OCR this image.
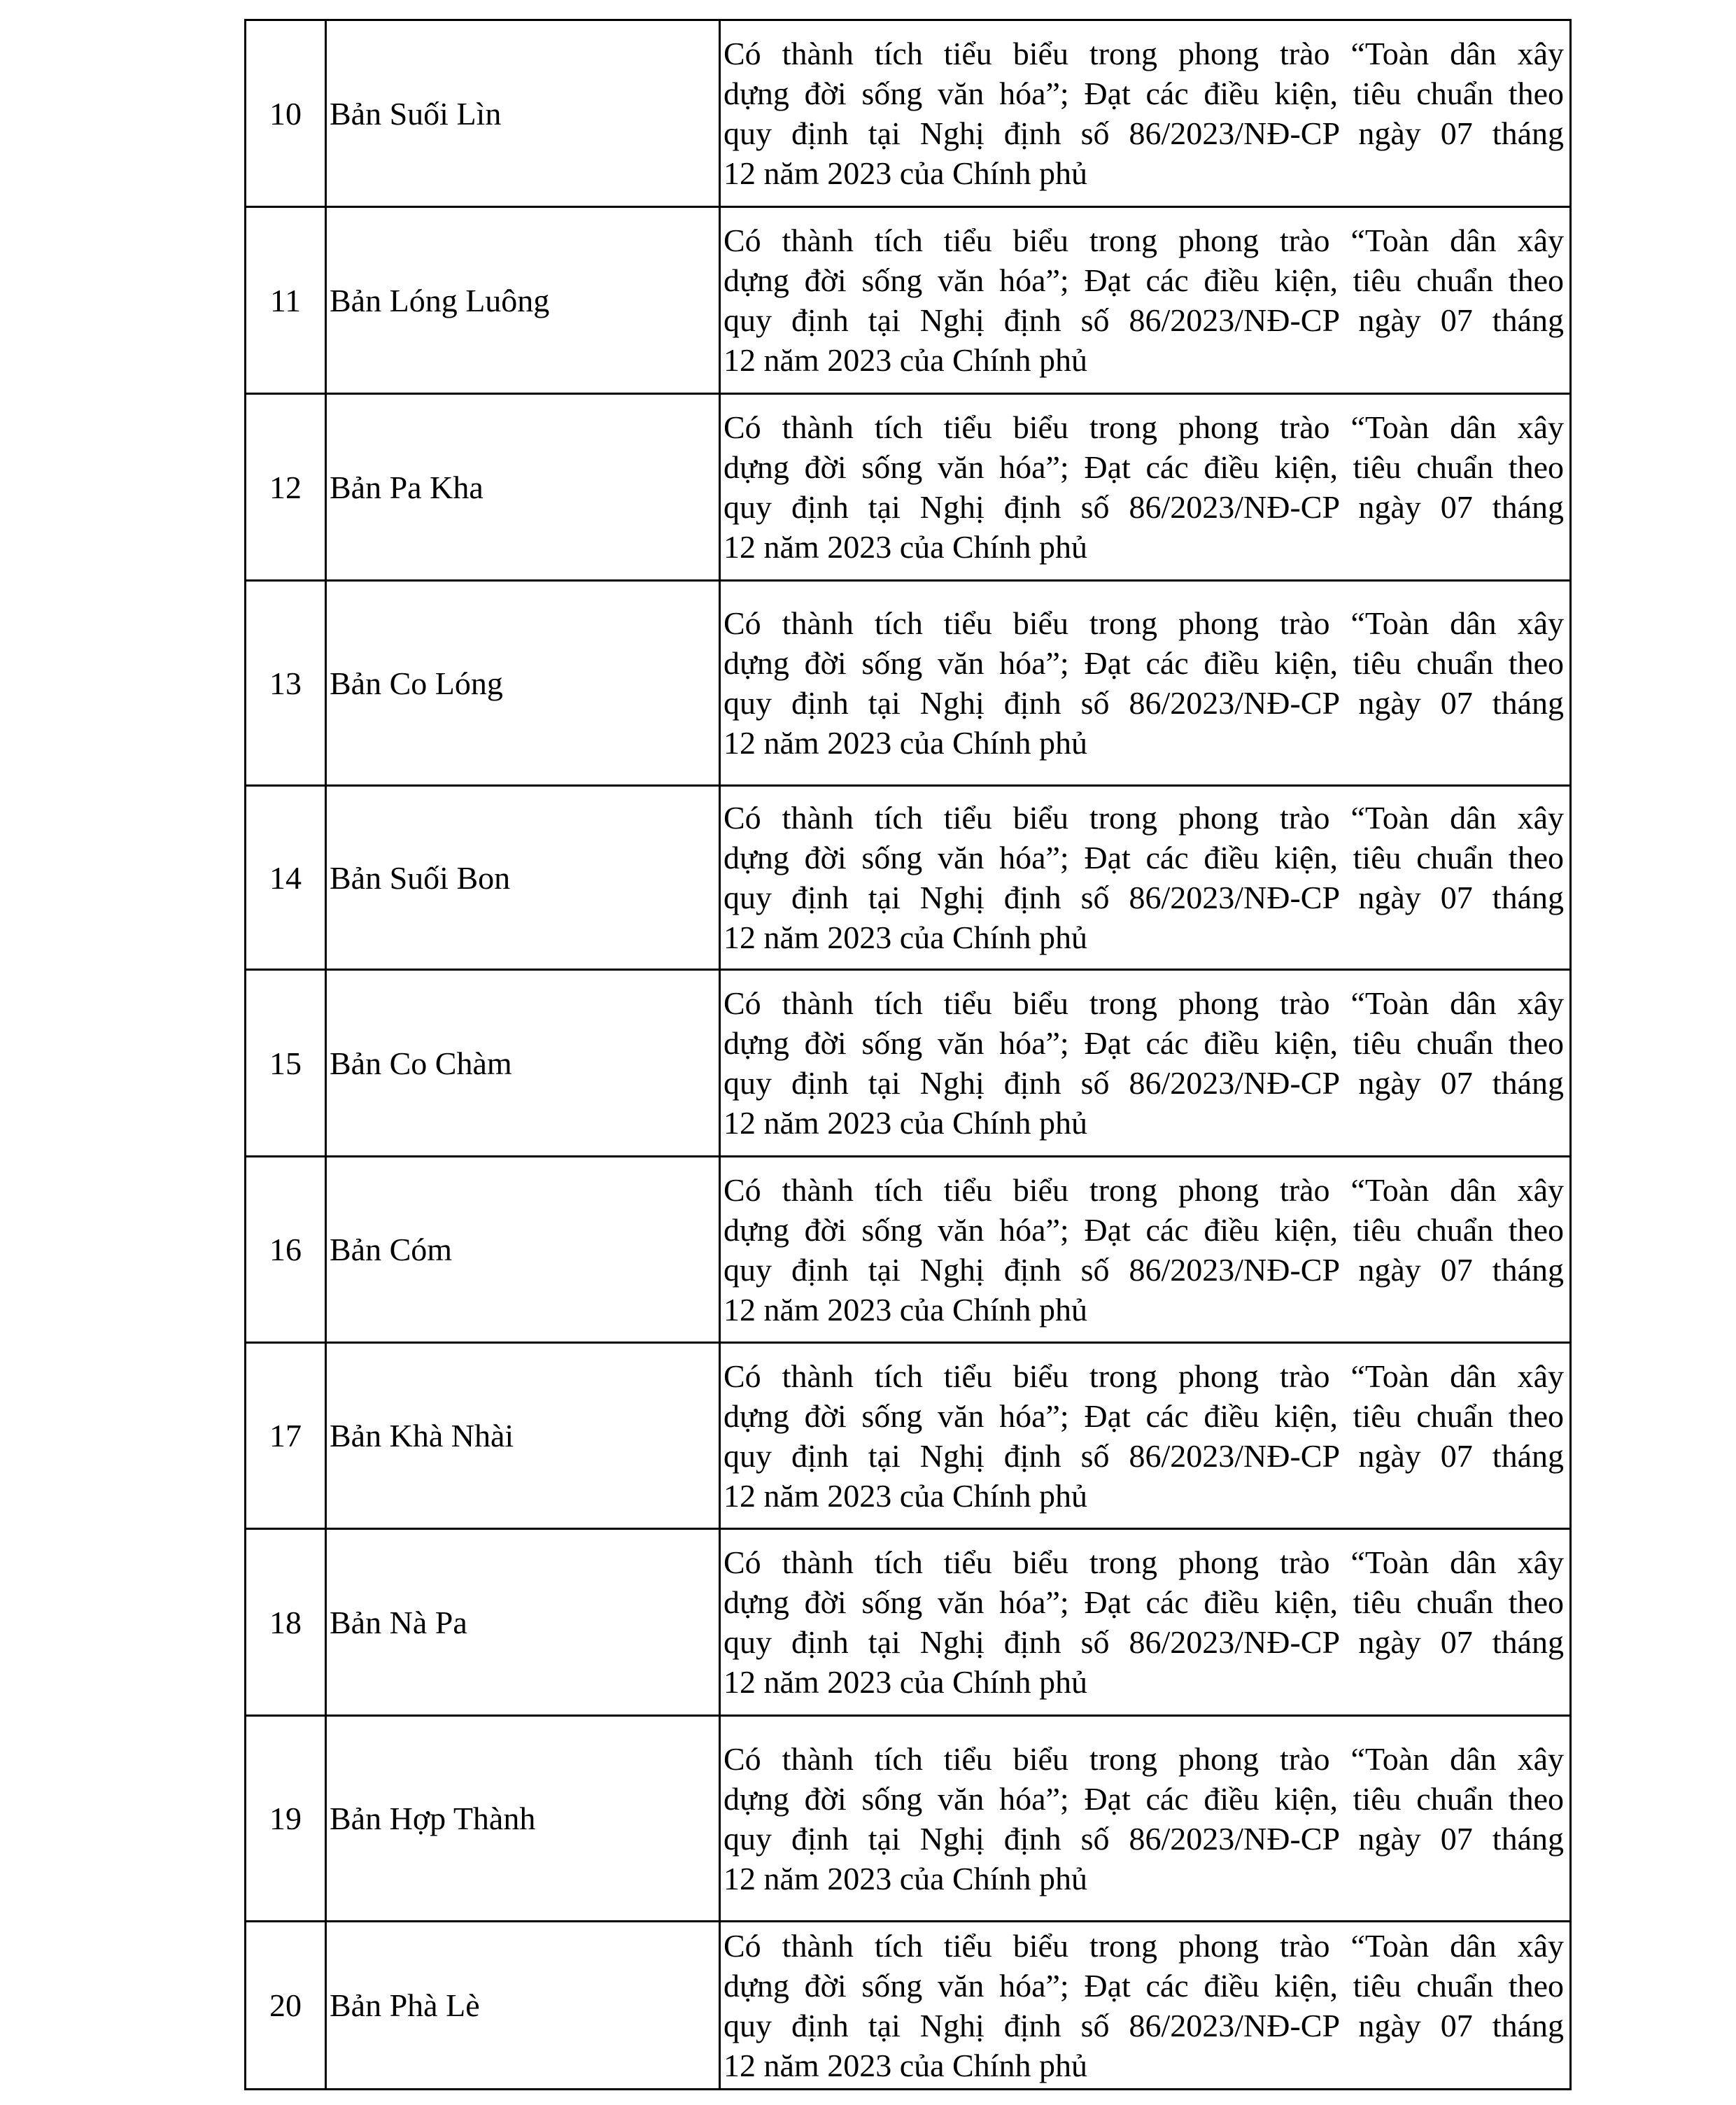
10	Bản Suối Lìn	Có thành tích tiểu biểu trong phong trào “Toàn dân xây
dựng đời sống văn hóa”; Đạt các điều kiện, tiêu chuẩn theo
quy định tại Nghị định số 86/2023/NĐ-CP ngày 07 tháng
12 năm 2023 của Chính phủ

11	Bản Lóng Luông	Có thành tích tiểu biểu trong phong trào “Toàn dân xây
dựng đời sống văn hóa”; Đạt các điều kiện, tiêu chuẩn theo
quy định tại Nghị định số 86/2023/NĐ-CP ngày 07 tháng
12 năm 2023 của Chính phủ

12	Bản Pa Kha	Có thành tích tiểu biểu trong phong trào “Toàn dân xây
dựng đời sống văn hóa”; Đạt các điều kiện, tiêu chuẩn theo
quy định tại Nghị định số 86/2023/NĐ-CP ngày 07 tháng
12 năm 2023 của Chính phủ

13	Bản Co Lóng	Có thành tích tiểu biểu trong phong trào “Toàn dân xây
dựng đời sống văn hóa”; Đạt các điều kiện, tiêu chuẩn theo
quy định tại Nghị định số 86/2023/NĐ-CP ngày 07 tháng
12 năm 2023 của Chính phủ

14	Bản Suối Bon	Có thành tích tiểu biểu trong phong trào “Toàn dân xây
dựng đời sống văn hóa”; Đạt các điều kiện, tiêu chuẩn theo
quy định tại Nghị định số 86/2023/NĐ-CP ngày 07 tháng
12 năm 2023 của Chính phủ

15	Bản Co Chàm	Có thành tích tiểu biểu trong phong trào “Toàn dân xây
dựng đời sống văn hóa”; Đạt các điều kiện, tiêu chuẩn theo
quy định tại Nghị định số 86/2023/NĐ-CP ngày 07 tháng
12 năm 2023 của Chính phủ

16	Bản Cóm	Có thành tích tiểu biểu trong phong trào “Toàn dân xây
dựng đời sống văn hóa”; Đạt các điều kiện, tiêu chuẩn theo
quy định tại Nghị định số 86/2023/NĐ-CP ngày 07 tháng
12 năm 2023 của Chính phủ

17	Bản Khà Nhài	Có thành tích tiểu biểu trong phong trào “Toàn dân xây
dựng đời sống văn hóa”; Đạt các điều kiện, tiêu chuẩn theo
quy định tại Nghị định số 86/2023/NĐ-CP ngày 07 tháng
12 năm 2023 của Chính phủ

18	Bản Nà Pa	Có thành tích tiểu biểu trong phong trào “Toàn dân xây
dựng đời sống văn hóa”; Đạt các điều kiện, tiêu chuẩn theo
quy định tại Nghị định số 86/2023/NĐ-CP ngày 07 tháng
12 năm 2023 của Chính phủ

19	Bản Hợp Thành	Có thành tích tiểu biểu trong phong trào “Toàn dân xây
dựng đời sống văn hóa”; Đạt các điều kiện, tiêu chuẩn theo
quy định tại Nghị định số 86/2023/NĐ-CP ngày 07 tháng
12 năm 2023 của Chính phủ

20	Bản Phà Lè	Có thành tích tiểu biểu trong phong trào “Toàn dân xây
dựng đời sống văn hóa”; Đạt các điều kiện, tiêu chuẩn theo
quy định tại Nghị định số 86/2023/NĐ-CP ngày 07 tháng
12 năm 2023 của Chính phủ
